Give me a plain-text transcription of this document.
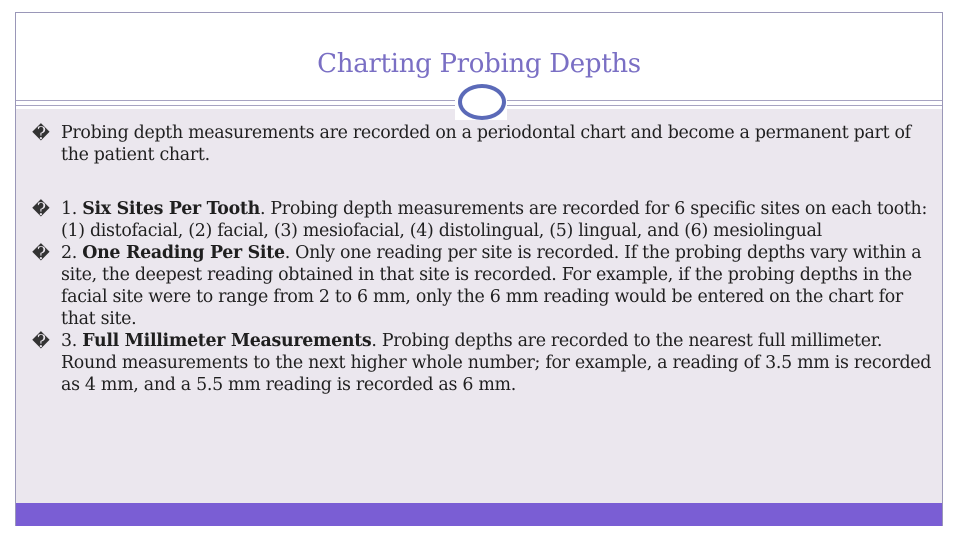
Charting Probing Depths

� Probing depth measurements are recorded on a periodontal chart and become a permanent part of the patient chart.

� 1. Six Sites Per Tooth. Probing depth measurements are recorded for 6 specific sites on each tooth: (1) distofacial, (2) facial, (3) mesiofacial, (4) distolingual, (5) lingual, and (6) mesiolingual

� 2. One Reading Per Site. Only one reading per site is recorded. If the probing depths vary within a site, the deepest reading obtained in that site is recorded. For example, if the probing depths in the facial site were to range from 2 to 6 mm, only the 6 mm reading would be entered on the chart for that site.

� 3. Full Millimeter Measurements. Probing depths are recorded to the nearest full millimeter. Round measurements to the next higher whole number; for example, a reading of 3.5 mm is recorded as 4 mm, and a 5.5 mm reading is recorded as 6 mm.
